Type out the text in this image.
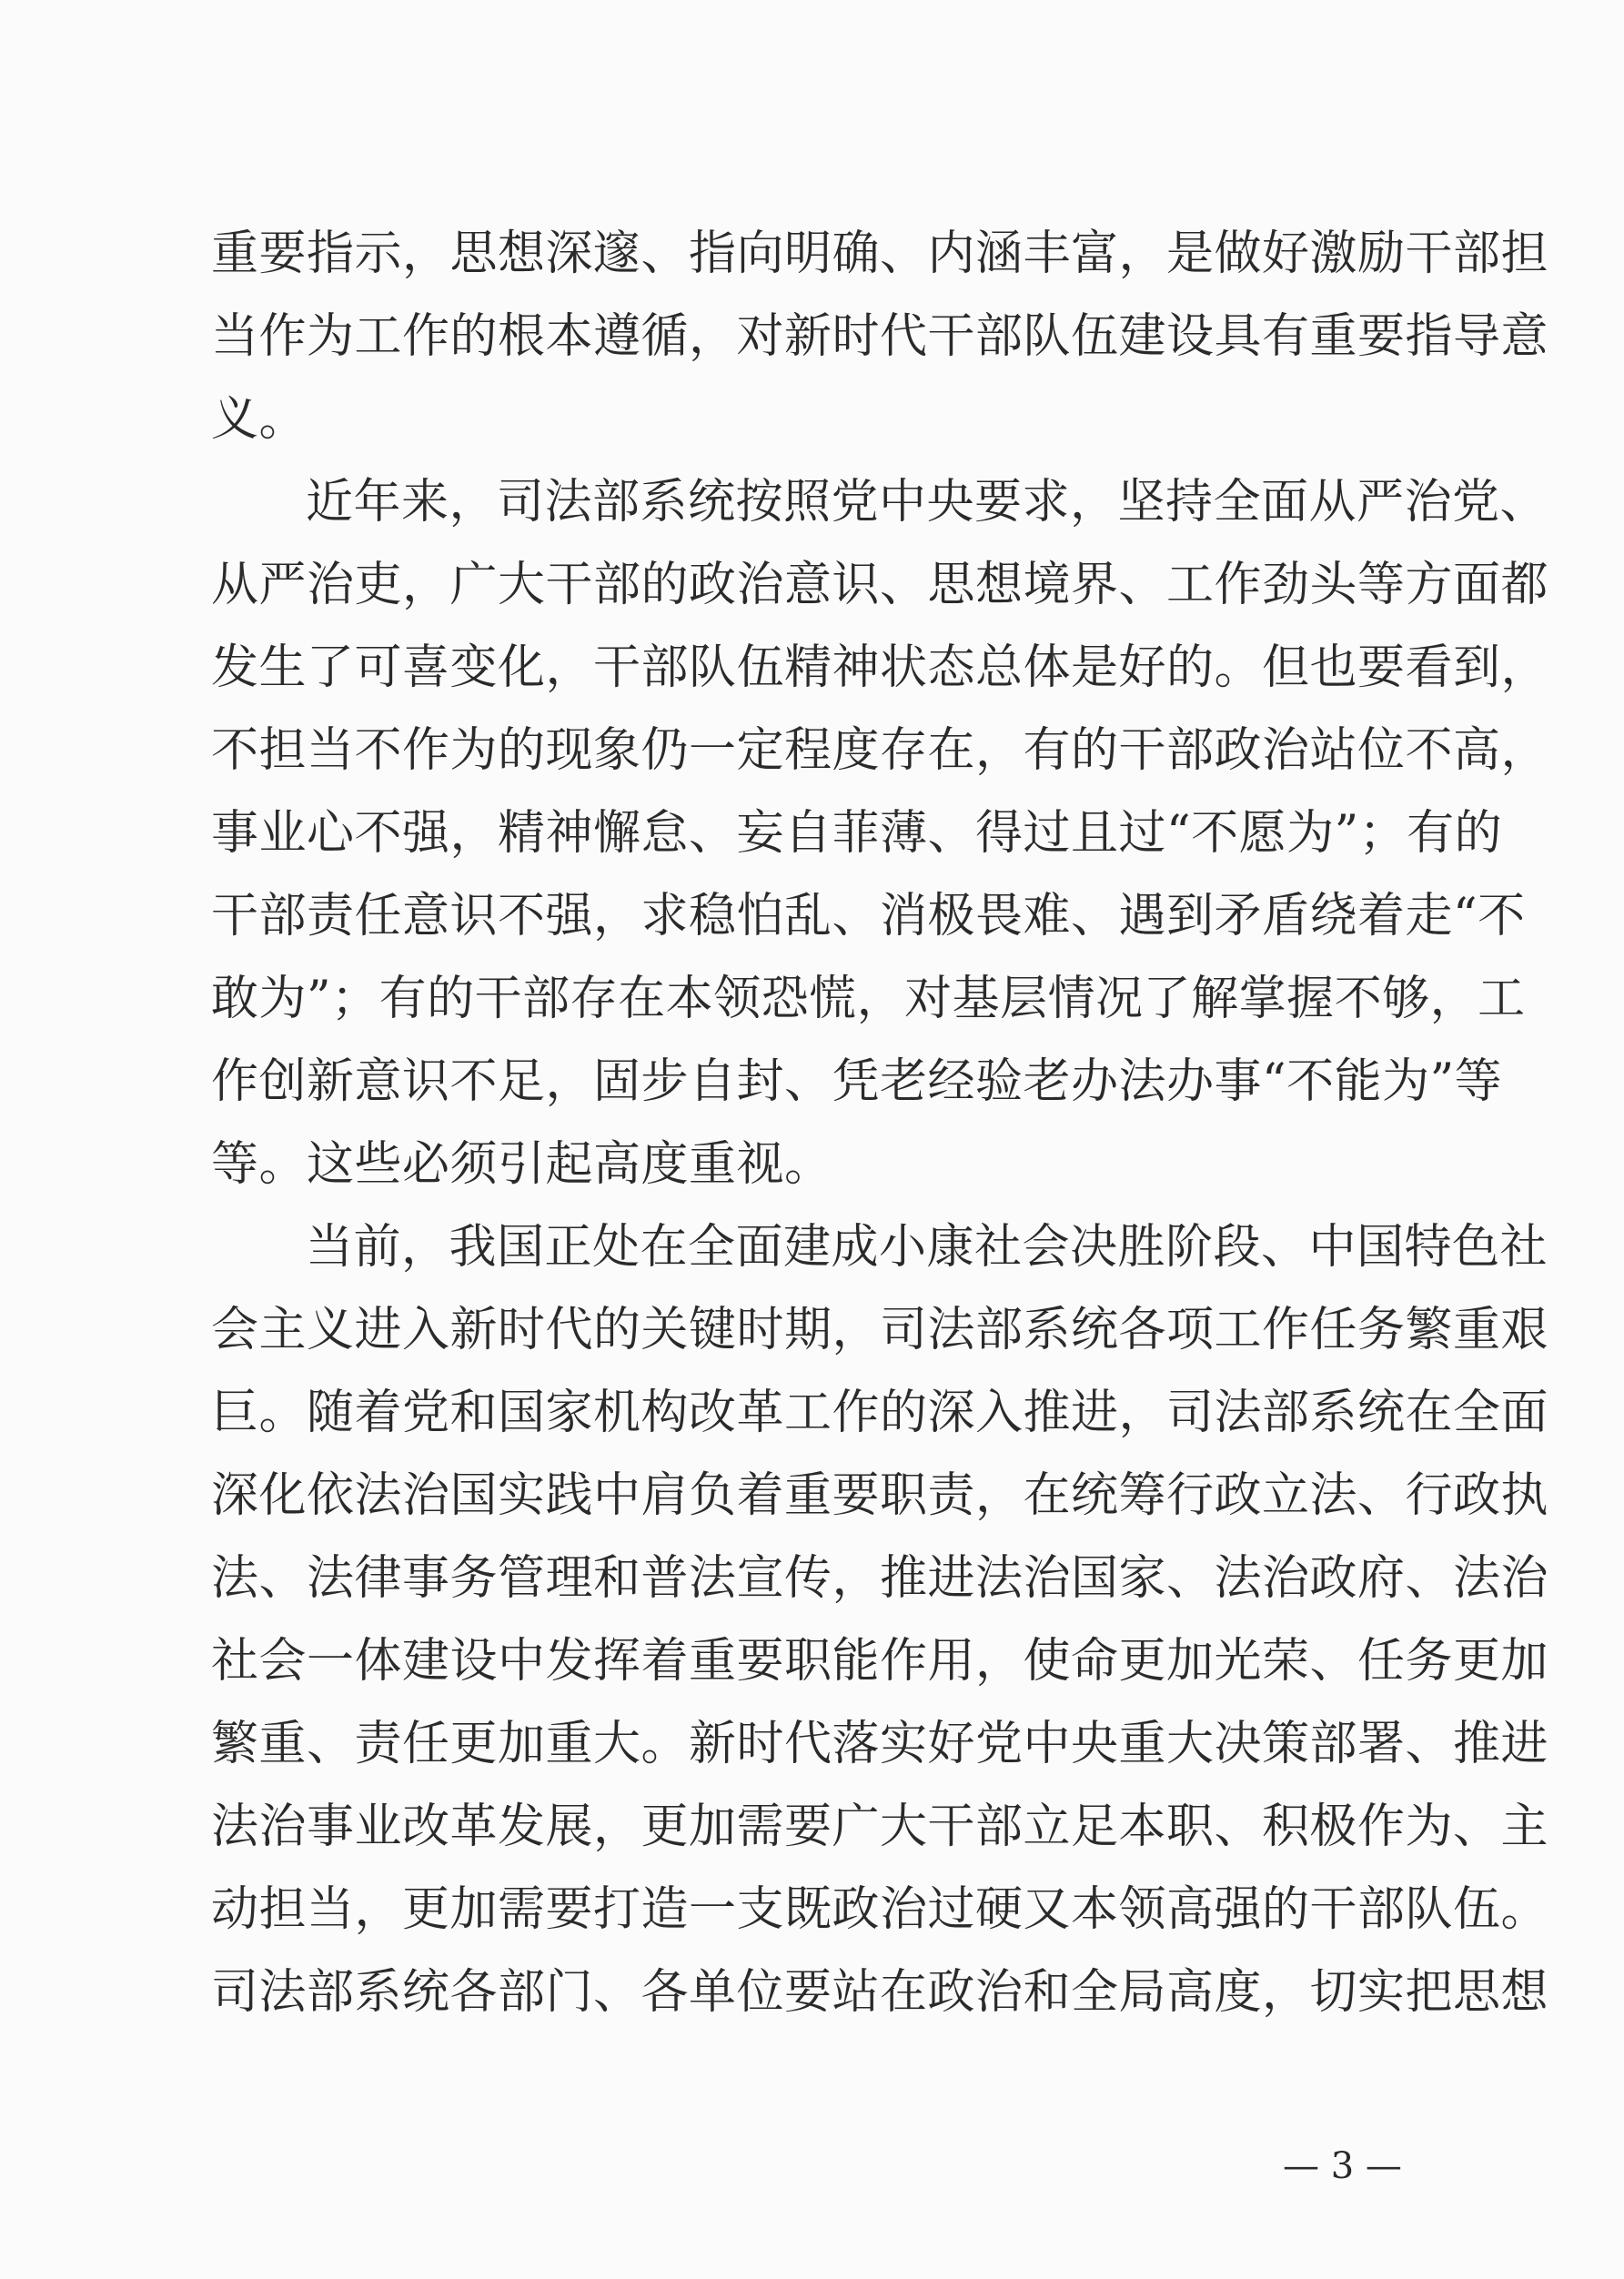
重要指示，思想深邃、指向明确、内涵丰富，是做好激励干部担
当作为工作的根本遵循，对新时代干部队伍建设具有重要指导意
义。
近年来，司法部系统按照党中央要求，坚持全面从严治党、
从严治吏，广大干部的政治意识、思想境界、工作劲头等方面都
发生了可喜变化，干部队伍精神状态总体是好的。但也要看到，
不担当不作为的现象仍一定程度存在，有的干部政治站位不高，
事业心不强，精神懈怠、妄自菲薄、得过且过“不愿为”；有的
干部责任意识不强，求稳怕乱、消极畏难、遇到矛盾绕着走“不
敢为”；有的干部存在本领恐慌，对基层情况了解掌握不够，工
作创新意识不足，固步自封、凭老经验老办法办事“不能为”等
等。这些必须引起高度重视。
当前，我国正处在全面建成小康社会决胜阶段、中国特色社
会主义进入新时代的关键时期，司法部系统各项工作任务繁重艰
巨。随着党和国家机构改革工作的深入推进，司法部系统在全面
深化依法治国实践中肩负着重要职责，在统筹行政立法、行政执
法、法律事务管理和普法宣传，推进法治国家、法治政府、法治
社会一体建设中发挥着重要职能作用，使命更加光荣、任务更加
繁重、责任更加重大。新时代落实好党中央重大决策部署、推进
法治事业改革发展，更加需要广大干部立足本职、积极作为、主
动担当，更加需要打造一支既政治过硬又本领高强的干部队伍。
司法部系统各部门、各单位要站在政治和全局高度，切实把思想
— 3 —
